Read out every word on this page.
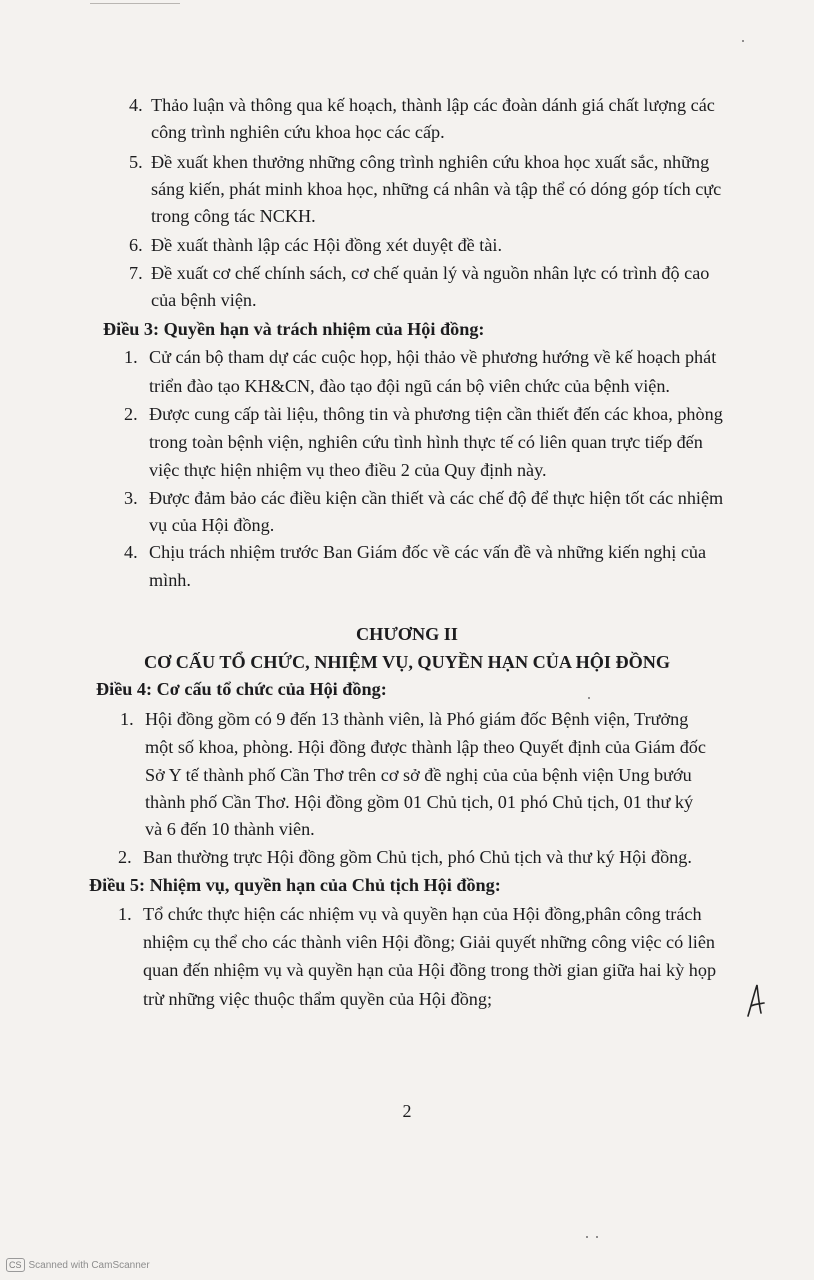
4. Thảo luận và thông qua kế hoạch, thành lập các đoàn dánh giá chất lượng các
công trình nghiên cứu khoa học các cấp.
5. Đề xuất khen thưởng những công trình nghiên cứu khoa học xuất sắc, những
sáng kiến, phát minh khoa học, những cá nhân và tập thể có dóng góp tích cực
trong công tác NCKH.
6. Đề xuất thành lập các Hội đồng xét duyệt đề tài.
7. Đề xuất cơ chế chính sách, cơ chế quản lý và nguồn nhân lực có trình độ cao
của bệnh viện.
Điều 3: Quyền hạn và trách nhiệm của Hội đồng:
1. Cử cán bộ tham dự các cuộc họp, hội thảo về phương hướng về kế hoạch phát
triển đào tạo KH&CN, đào tạo đội ngũ cán bộ viên chức của bệnh viện.
2. Được cung cấp tài liệu, thông tin và phương tiện cần thiết đến các khoa, phòng
trong toàn bệnh viện, nghiên cứu tình hình thực tế có liên quan trực tiếp đến
việc thực hiện nhiệm vụ theo điều 2 của Quy định này.
3. Được đảm bảo các điều kiện cần thiết và các chế độ để thực hiện tốt các nhiệm
vụ của Hội đồng.
4. Chịu trách nhiệm trước Ban Giám đốc về các vấn đề và những kiến nghị của
mình.
CHƯƠNG II
CƠ CẤU TỔ CHỨC, NHIỆM VỤ, QUYỀN HẠN CỦA HỘI ĐỒNG
Điều 4: Cơ cấu tổ chức của Hội đồng:
1. Hội đồng gồm có 9 đến 13 thành viên, là Phó giám đốc Bệnh viện, Trưởng
một số khoa, phòng. Hội đồng được thành lập theo Quyết định của Giám đốc
Sở Y tế thành phố Cần Thơ trên cơ sở đề nghị của của bệnh viện Ung bướu
thành phố Cần Thơ. Hội đồng gồm 01 Chủ tịch, 01 phó Chủ tịch, 01 thư ký
và 6 đến 10 thành viên.
2. Ban thường trực Hội đồng gồm Chủ tịch, phó Chủ tịch và thư ký Hội đồng.
Điều 5: Nhiệm vụ, quyền hạn của Chủ tịch Hội đồng:
1. Tổ chức thực hiện các nhiệm vụ và quyền hạn của Hội đồng,phân công trách
nhiệm cụ thể cho các thành viên Hội đồng; Giải quyết những công việc có liên
quan đến nhiệm vụ và quyền hạn của Hội đồng trong thời gian giữa hai kỳ họp
trừ những việc thuộc thẩm quyền của Hội đồng;
2
CS Scanned with CamScanner
